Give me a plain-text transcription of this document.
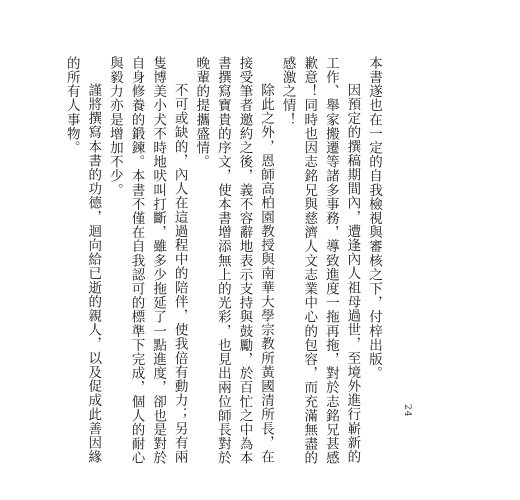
本書遂也在一定的自我檢視與審核之下，付梓出版。

因預定的撰稿期間內，遭逢內人祖母過世，至境外進行嶄新的工作、舉家搬遷等諸多事務，導致進度一拖再拖，對於志銘兄甚感歉意！同時也因志銘兄與慈濟人文志業中心的包容，而充滿無盡的感激之情！

除此之外，恩師高柏園教授與南華大學宗教所黃國清所長，在接受筆者邀約之後，義不容辭地表示支持與鼓勵，於百忙之中為本書撰寫寶貴的序文，使本書增添無上的光彩，也見出兩位師長對於晚輩的提攜盛情。

不可或缺的，內人在這過程中的陪伴，使我倍有動力；另有兩隻博美小犬不時地吠叫打斷，雖多少拖延了一點進度，卻也是對於自身修養的鍛鍊。本書不僅在自我認可的標準下完成，個人的耐心與毅力亦是增加不少。

謹將撰寫本書的功德，迴向給已逝的親人，以及促成此善因緣的所有人事物。

24
